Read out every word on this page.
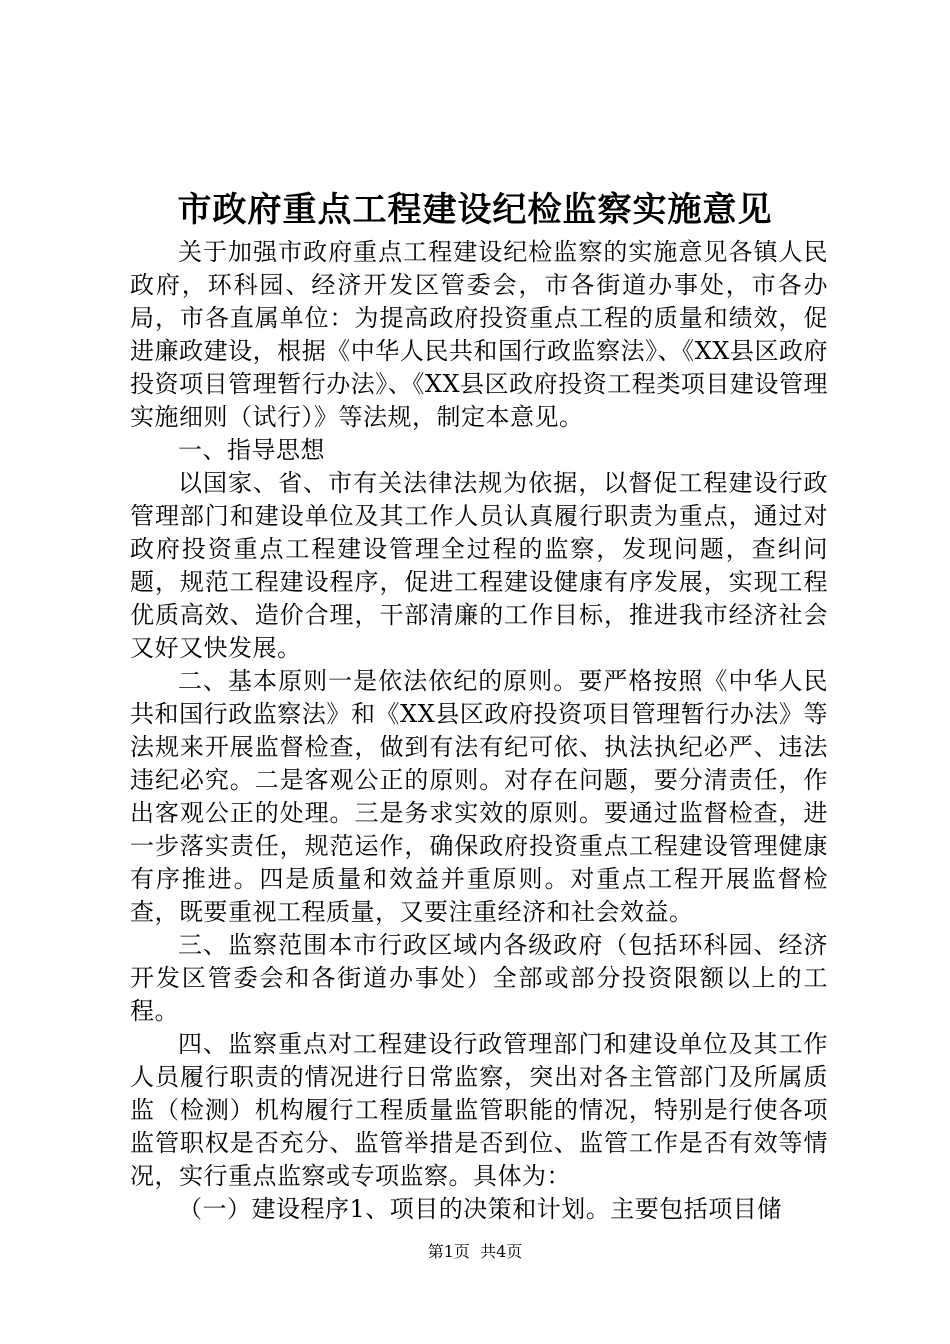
市政府重点工程建设纪检监察实施意见

关于加强市政府重点工程建设纪检监察的实施意见各镇人民政府，环科园、经济开发区管委会，市各街道办事处，市各办局，市各直属单位：为提高政府投资重点工程的质量和绩效，促进廉政建设，根据《中华人民共和国行政监察法》、《XX县区政府投资项目管理暂行办法》、《XX县区政府投资工程类项目建设管理实施细则（试行）》等法规，制定本意见。

一、指导思想

以国家、省、市有关法律法规为依据，以督促工程建设行政管理部门和建设单位及其工作人员认真履行职责为重点，通过对政府投资重点工程建设管理全过程的监察，发现问题，查纠问题，规范工程建设程序，促进工程建设健康有序发展，实现工程优质高效、造价合理，干部清廉的工作目标，推进我市经济社会又好又快发展。

二、基本原则一是依法依纪的原则。要严格按照《中华人民共和国行政监察法》和《XX县区政府投资项目管理暂行办法》等法规来开展监督检查，做到有法有纪可依、执法执纪必严、违法违纪必究。二是客观公正的原则。对存在问题，要分清责任，作出客观公正的处理。三是务求实效的原则。要通过监督检查，进一步落实责任，规范运作，确保政府投资重点工程建设管理健康有序推进。四是质量和效益并重原则。对重点工程开展监督检查，既要重视工程质量，又要注重经济和社会效益。

三、监察范围本市行政区域内各级政府（包括环科园、经济开发区管委会和各街道办事处）全部或部分投资限额以上的工程。

四、监察重点对工程建设行政管理部门和建设单位及其工作人员履行职责的情况进行日常监察，突出对各主管部门及所属质监（检测）机构履行工程质量监管职能的情况，特别是行使各项监管职权是否充分、监管举措是否到位、监管工作是否有效等情况，实行重点监察或专项监察。具体为：

（一）建设程序1、项目的决策和计划。主要包括项目储

第1页 共4页
